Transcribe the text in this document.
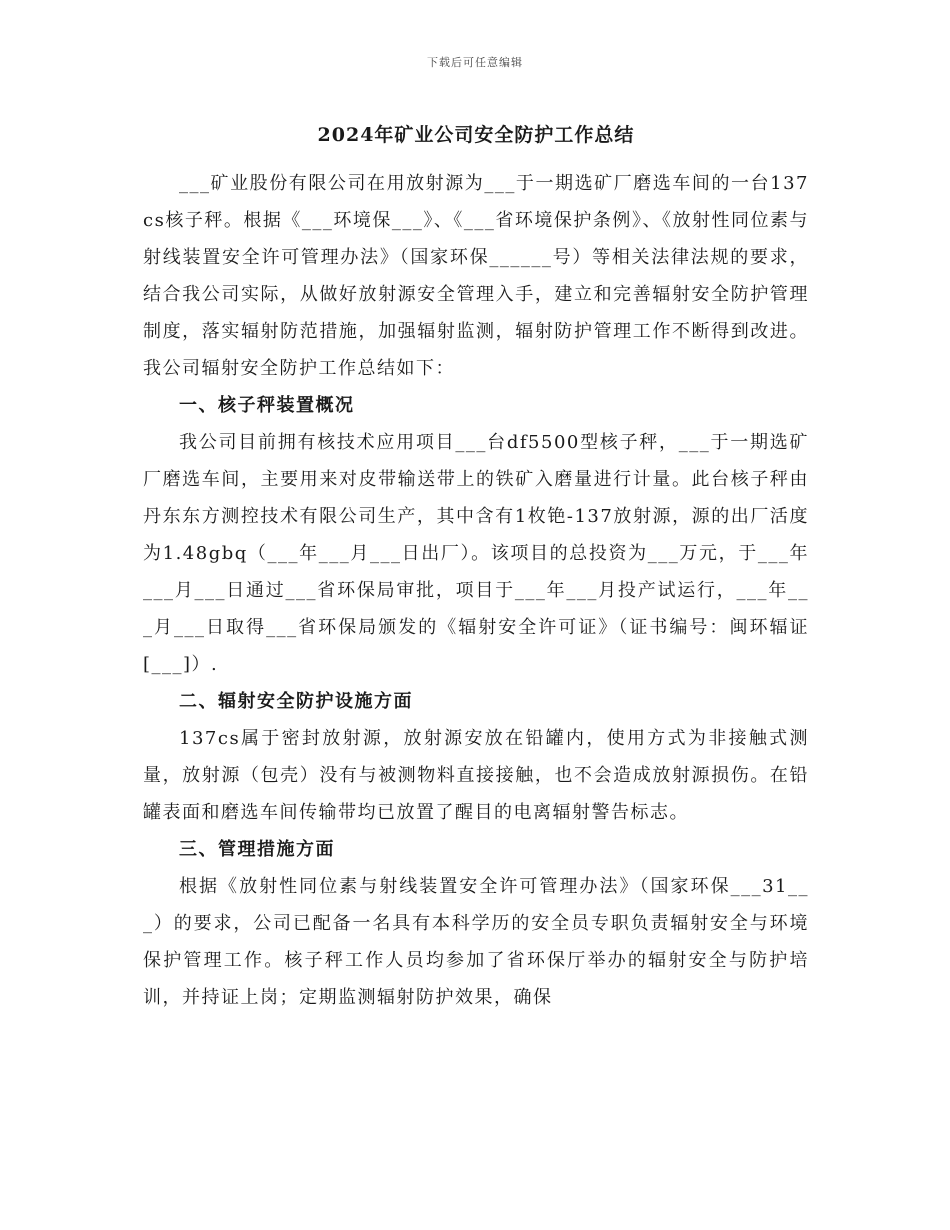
下载后可任意编辑
2024年矿业公司安全防护工作总结

___矿业股份有限公司在用放射源为___于一期选矿厂磨选车间的一台137cs核子秤。根据《___环境保___》、《___省环境保护条例》、《放射性同位素与射线装置安全许可管理办法》（国家环保______号）等相关法律法规的要求，结合我公司实际，从做好放射源安全管理入手，建立和完善辐射安全防护管理制度，落实辐射防范措施，加强辐射监测，辐射防护管理工作不断得到改进。我公司辐射安全防护工作总结如下：

一、核子秤装置概况

我公司目前拥有核技术应用项目___台df5500型核子秤，___于一期选矿厂磨选车间，主要用来对皮带输送带上的铁矿入磨量进行计量。此台核子秤由丹东东方测控技术有限公司生产，其中含有1枚铯-137放射源，源的出厂活度为1.48gbq（___年___月___日出厂）。该项目的总投资为___万元，于___年___月___日通过___省环保局审批，项目于___年___月投产试运行，___年___月___日取得___省环保局颁发的《辐射安全许可证》（证书编号：闽环辐证[___]）.

二、辐射安全防护设施方面

137cs属于密封放射源，放射源安放在铅罐内，使用方式为非接触式测量，放射源（包壳）没有与被测物料直接接触，也不会造成放射源损伤。在铅罐表面和磨选车间传输带均已放置了醒目的电离辐射警告标志。

三、管理措施方面

根据《放射性同位素与射线装置安全许可管理办法》（国家环保___31___）的要求，公司已配备一名具有本科学历的安全员专职负责辐射安全与环境保护管理工作。核子秤工作人员均参加了省环保厅举办的辐射安全与防护培训，并持证上岗；定期监测辐射防护效果，确保
